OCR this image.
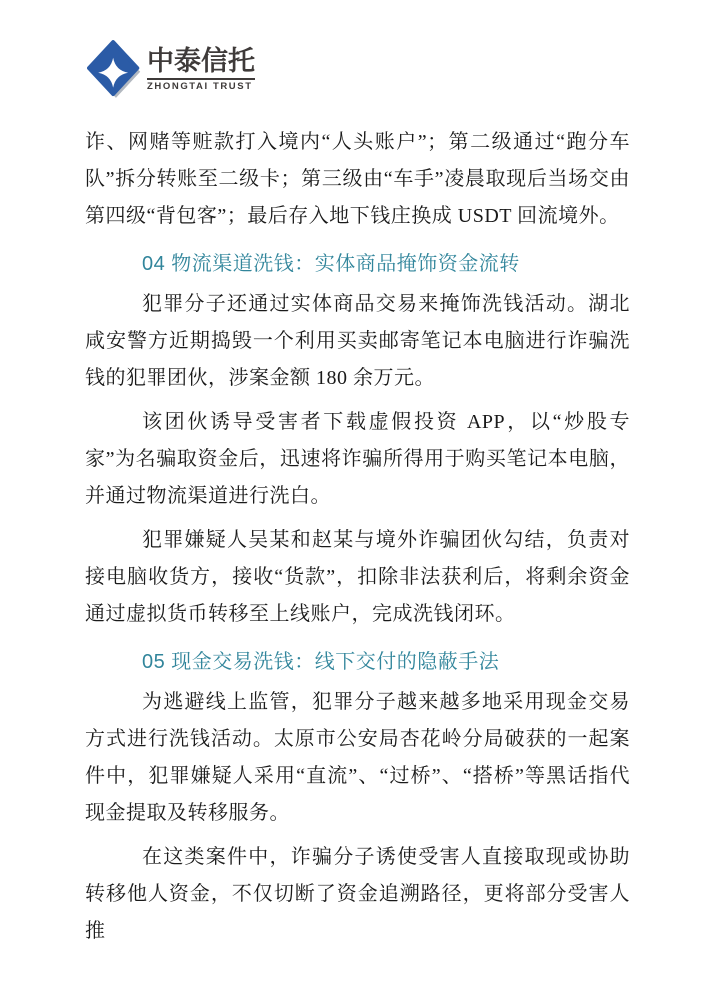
中泰信托
ZHONGTAI TRUST

诈、网赌等赃款打入境内“人头账户”；第二级通过“跑分车队”拆分转账至二级卡；第三级由“车手”凌晨取现后当场交由第四级“背包客”；最后存入地下钱庄换成 USDT 回流境外。

04 物流渠道洗钱：实体商品掩饰资金流转

犯罪分子还通过实体商品交易来掩饰洗钱活动。湖北咸安警方近期捣毁一个利用买卖邮寄笔记本电脑进行诈骗洗钱的犯罪团伙，涉案金额 180 余万元。

该团伙诱导受害者下载虚假投资 APP，以“炒股专家”为名骗取资金后，迅速将诈骗所得用于购买笔记本电脑，并通过物流渠道进行洗白。

犯罪嫌疑人吴某和赵某与境外诈骗团伙勾结，负责对接电脑收货方，接收“货款”，扣除非法获利后，将剩余资金通过虚拟货币转移至上线账户，完成洗钱闭环。

05 现金交易洗钱：线下交付的隐蔽手法

为逃避线上监管，犯罪分子越来越多地采用现金交易方式进行洗钱活动。太原市公安局杏花岭分局破获的一起案件中，犯罪嫌疑人采用“直流”、“过桥”、“搭桥”等黑话指代现金提取及转移服务。

在这类案件中，诈骗分子诱使受害人直接取现或协助转移他人资金，不仅切断了资金追溯路径，更将部分受害人推
